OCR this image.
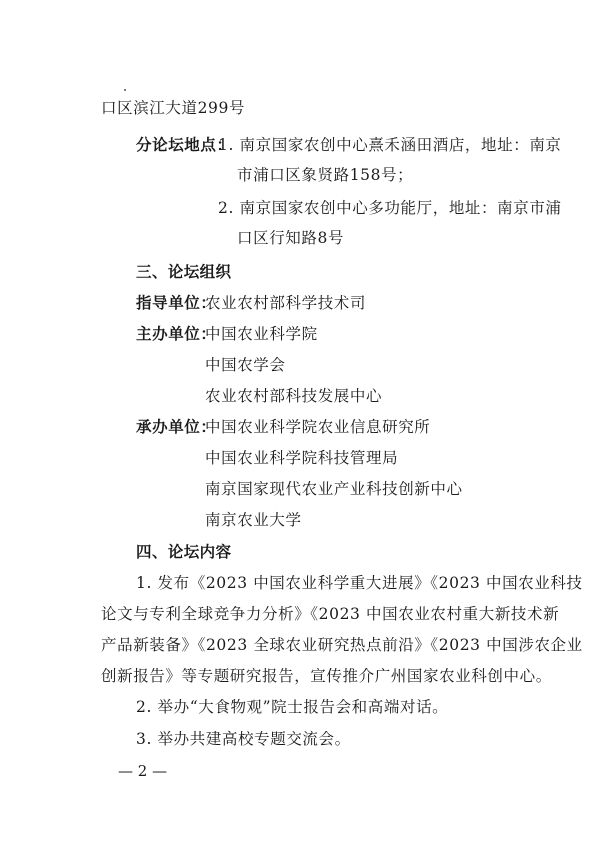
口区滨江大道299号
分论坛地点：
1. 南京国家农创中心熹禾涵田酒店，地址：南京
市浦口区象贤路158号；
2. 南京国家农创中心多功能厅，地址：南京市浦
口区行知路8号
三、论坛组织
指导单位：
农业农村部科学技术司
主办单位：
中国农业科学院
中国农学会
农业农村部科技发展中心
承办单位：
中国农业科学院农业信息研究所
中国农业科学院科技管理局
南京国家现代农业产业科技创新中心
南京农业大学
四、论坛内容
1. 发布《2023 中国农业科学重大进展》《2023 中国农业科技
论文与专利全球竞争力分析》《2023 中国农业农村重大新技术新
产品新装备》《2023 全球农业研究热点前沿》《2023 中国涉农企业
创新报告》等专题研究报告，宣传推介广州国家农业科创中心。
2. 举办“大食物观”院士报告会和高端对话。
3. 举办共建高校专题交流会。
— 2 —
